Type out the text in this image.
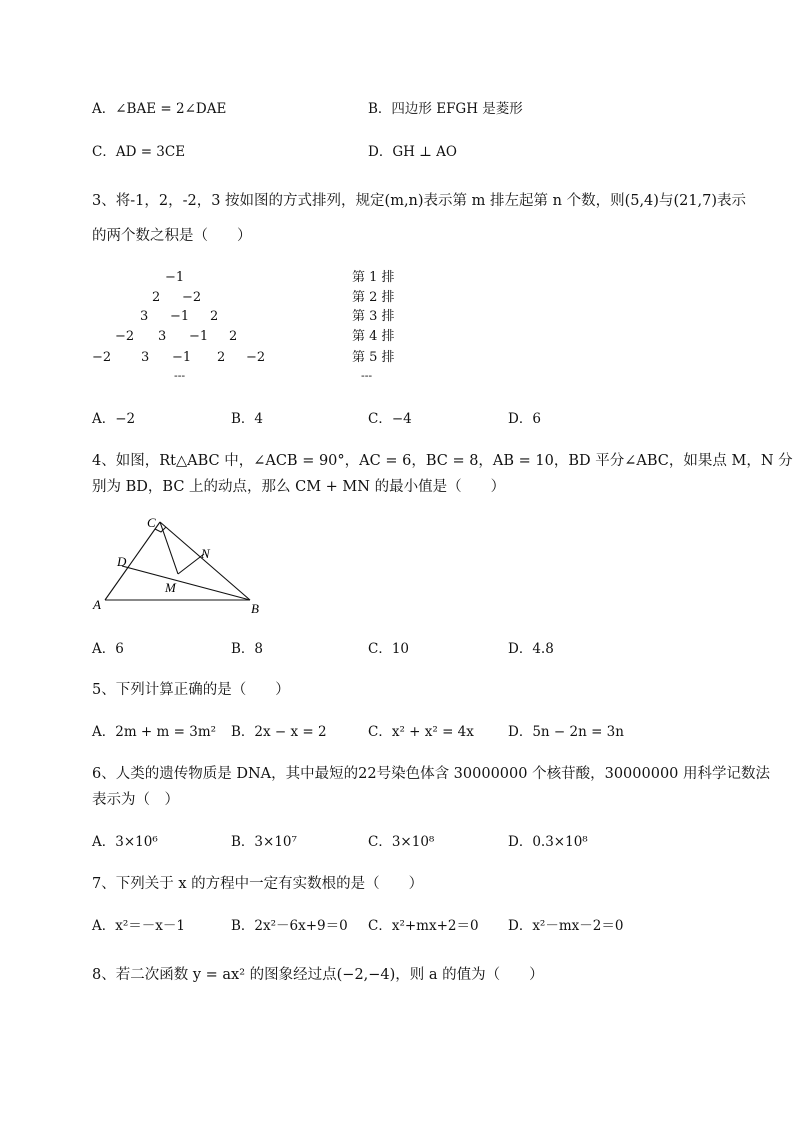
A．∠BAE = 2∠DAE	B．四边形 EFGH 是菱形
C．AD = 3CE	D．GH ⊥ AO
3、将-1，2，-2，3 按如图的方式排列，规定(m,n)表示第 m 排左起第 n 个数，则(5,4)与(21,7)表示
的两个数之积是（　　）
−1
2 −2
3 −1 2
−2 3 −1 2
−2 3 −1 2 −2
---
第 1 排
第 2 排
第 3 排
第 4 排
第 5 排
---
A．−2	B．4	C．−4	D．6
4、如图，Rt△ABC 中，∠ACB = 90°，AC = 6，BC = 8，AB = 10，BD 平分∠ABC，如果点 M，N 分
别为 BD，BC 上的动点，那么 CM + MN 的最小值是（　　）
C
D
N
M
A	B
A．6	B．8	C．10	D．4.8
5、下列计算正确的是（　　）
A．2m + m = 3m² B．2x − x = 2	C．x² + x² = 4x	D．5n − 2n = 3n
6、人类的遗传物质是 DNA，其中最短的22号染色体含 30000000 个核苷酸，30000000 用科学记数法
表示为（　）
A．3×10⁶	B．3×10⁷	C．3×10⁸	D．0.3×10⁸
7、下列关于 x 的方程中一定有实数根的是（　　）
A．x²＝－x－1	B．2x²－6x+9＝0 C．x²+mx+2＝0 D．x²－mx－2＝0
8、若二次函数 y = ax² 的图象经过点(−2,−4)，则 a 的值为（　　）
